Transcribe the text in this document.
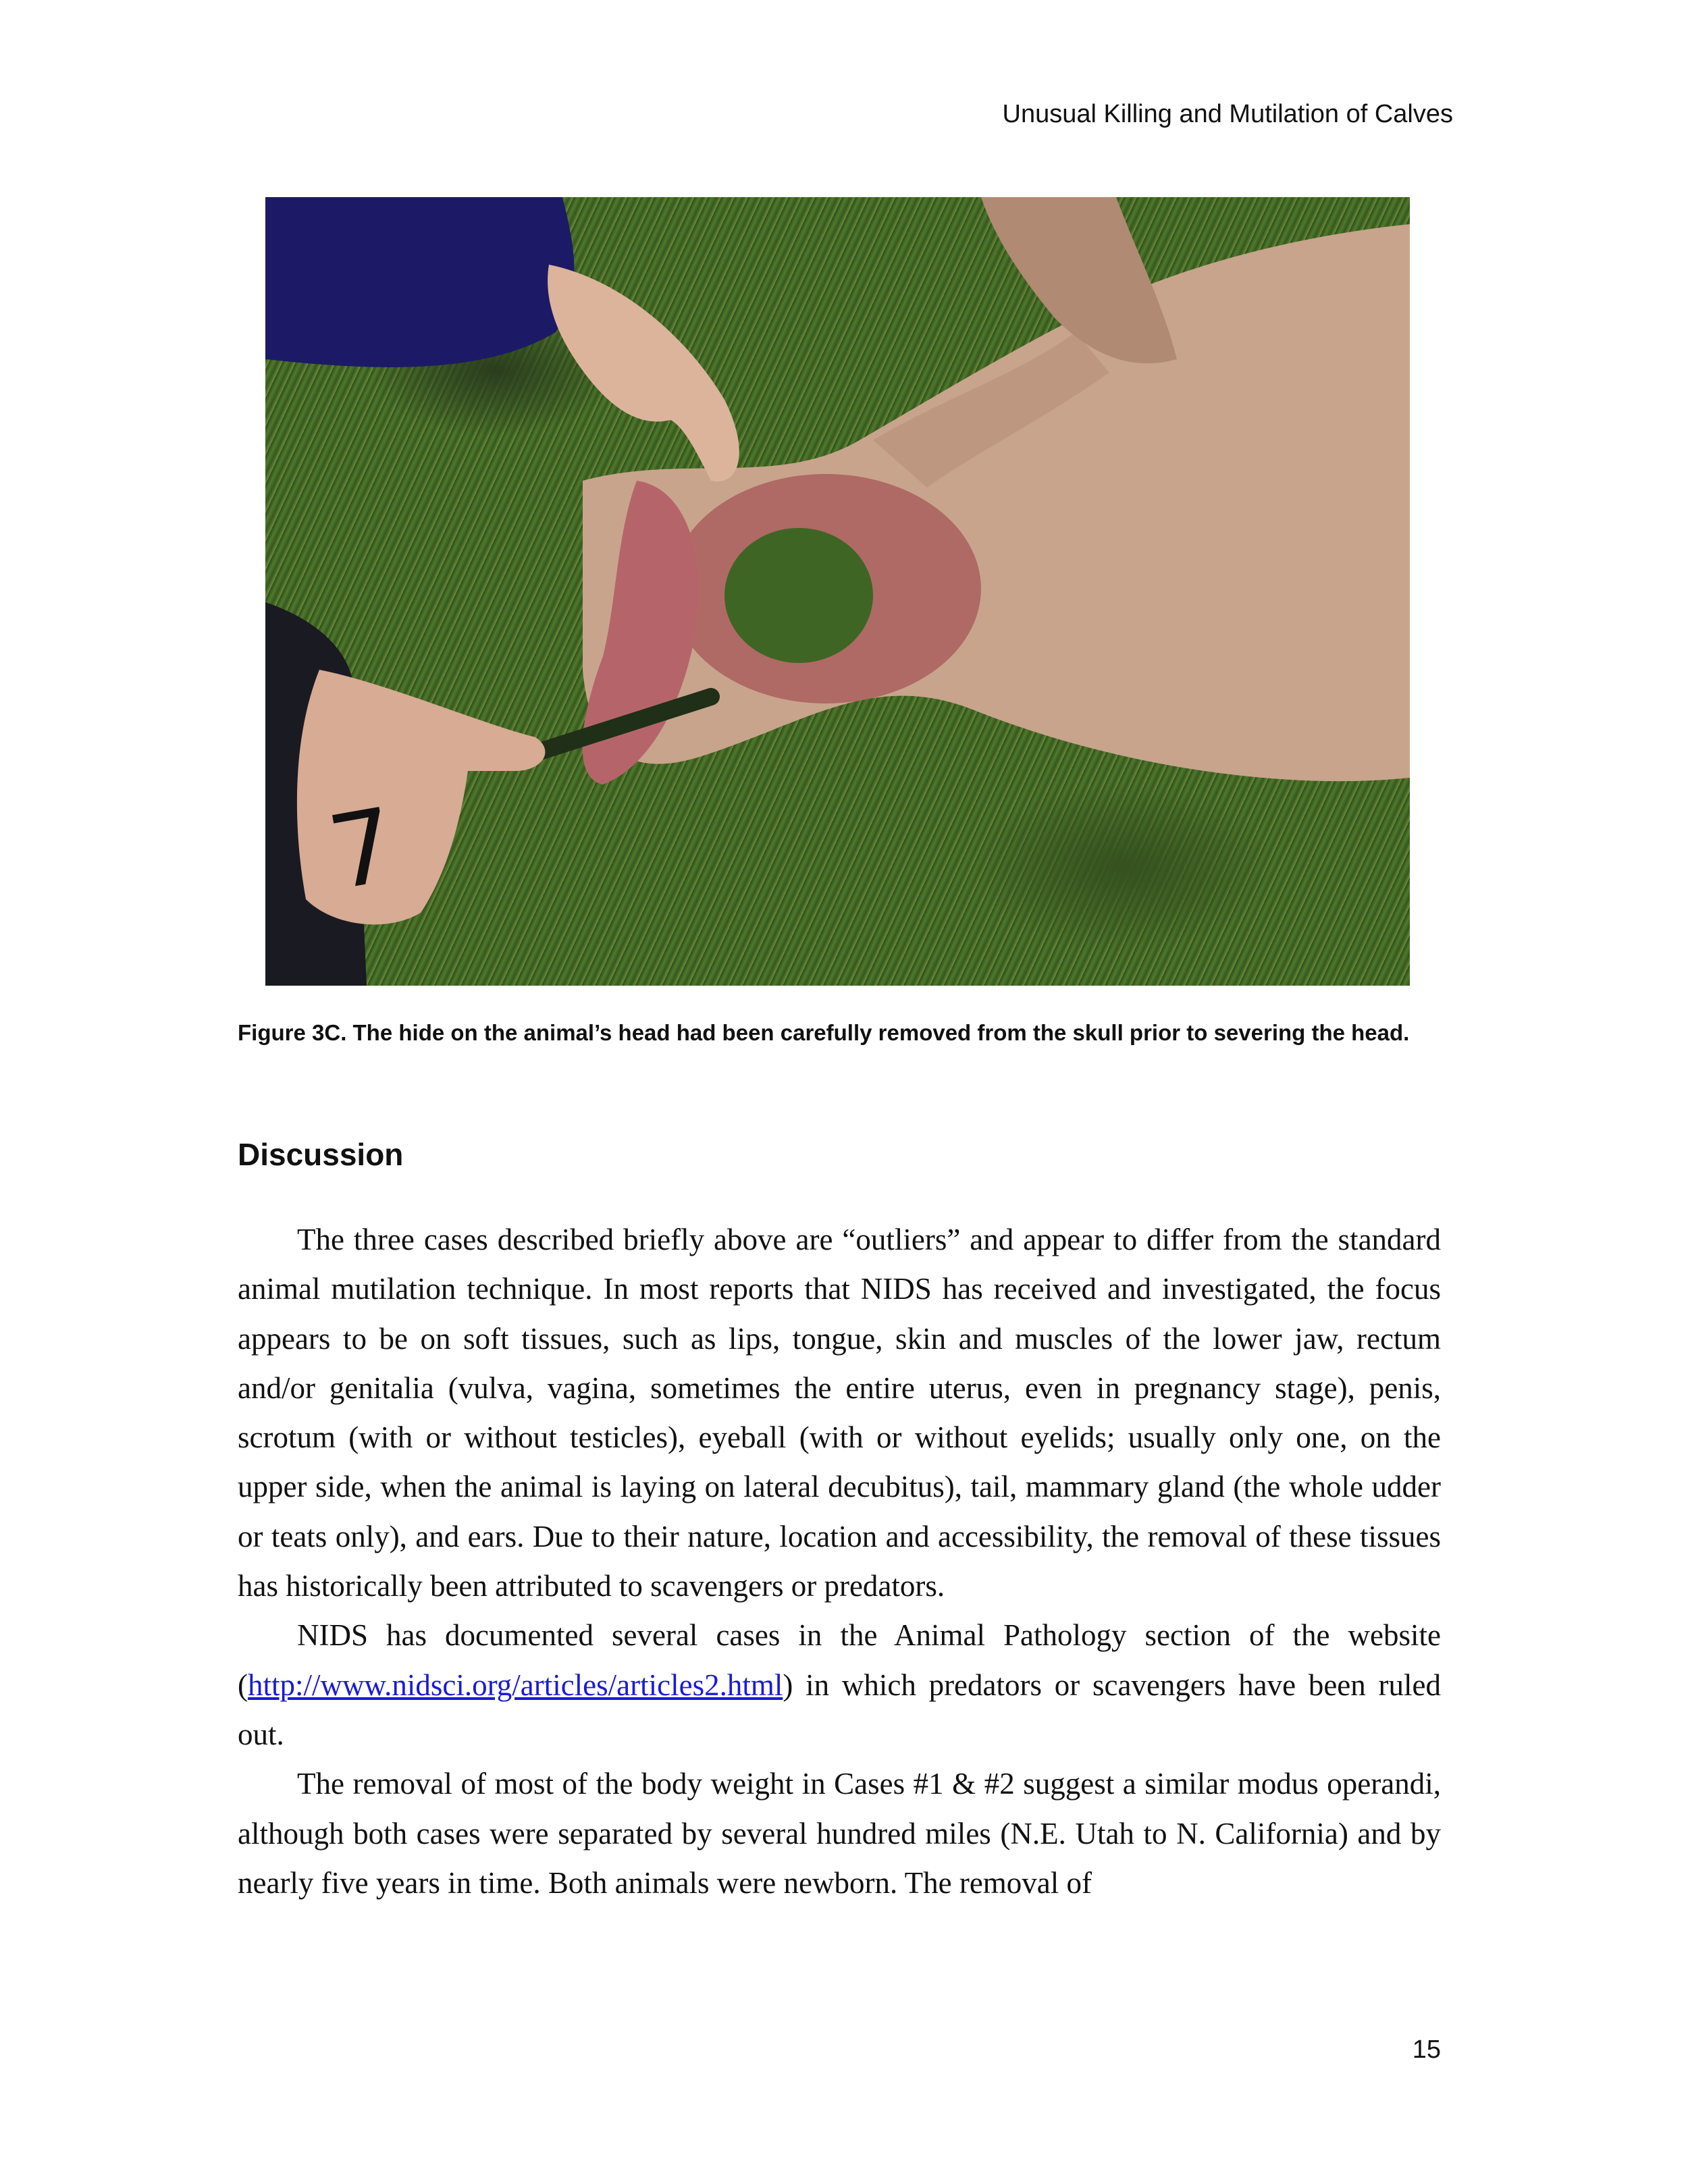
Unusual Killing and Mutilation of Calves
7
Figure 3C. The hide on the animal’s head had been carefully removed from the skull prior to severing the head.
Discussion

The three cases described briefly above are “outliers” and appear to differ from the standard animal mutilation technique. In most reports that NIDS has received and investigated, the focus appears to be on soft tissues, such as lips, tongue, skin and muscles of the lower jaw, rectum and/or genitalia (vulva, vagina, sometimes the entire uterus, even in pregnancy stage), penis, scrotum (with or without testicles), eyeball (with or without eyelids; usually only one, on the upper side, when the animal is laying on lateral decubitus), tail, mammary gland (the whole udder or teats only), and ears. Due to their nature, location and accessibility, the removal of these tissues has historically been attributed to scavengers or predators.

NIDS has documented several cases in the Animal Pathology section of the website (http://www.nidsci.org/articles/articles2.html) in which predators or scavengers have been ruled out.

The removal of most of the body weight in Cases #1 & #2 suggest a similar modus operandi, although both cases were separated by several hundred miles (N.E. Utah to N. California) and by nearly five years in time. Both animals were newborn. The removal of

15
